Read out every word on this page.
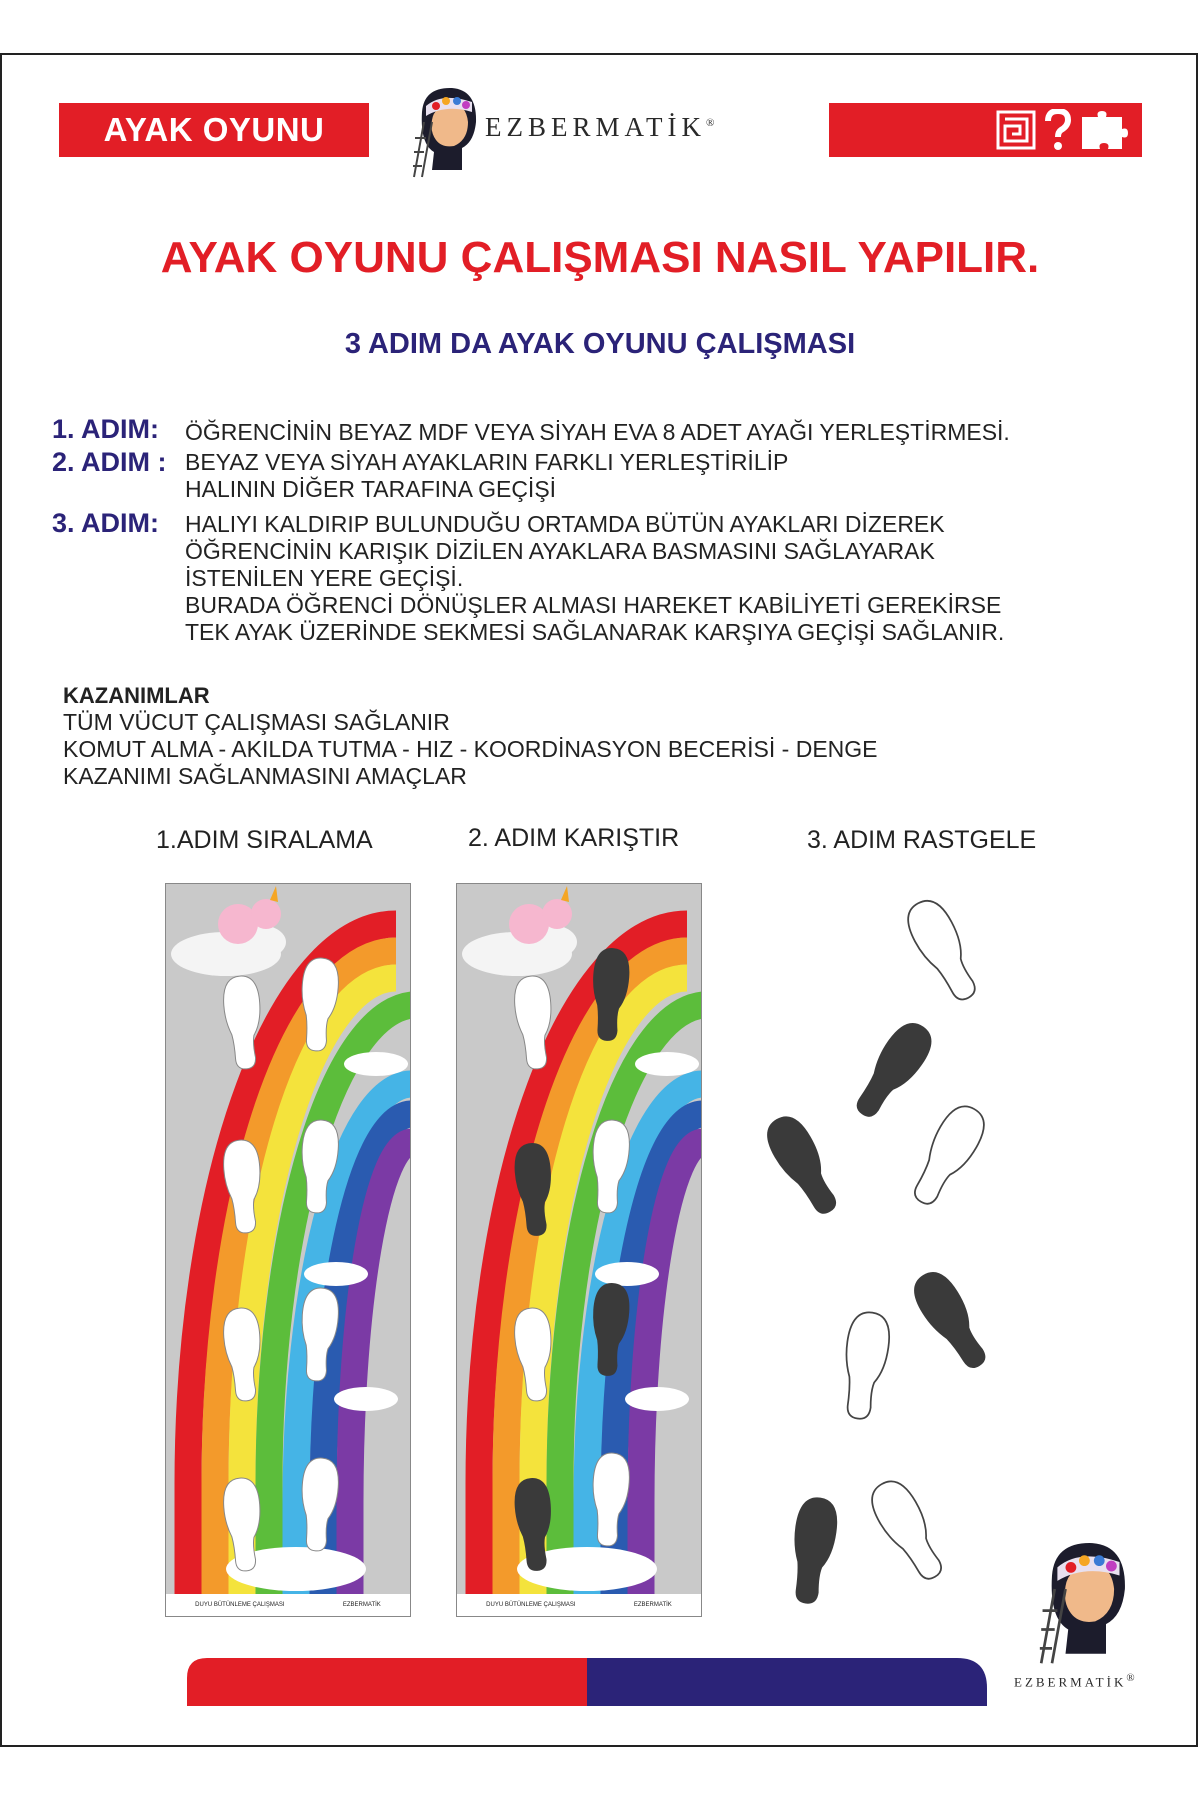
AYAK OYUNU	EZBERMATİK®
AYAK OYUNU ÇALIŞMASI NASIL YAPILIR.
3 ADIM DA AYAK OYUNU ÇALIŞMASI
1. ADIM: ÖĞRENCİNİN BEYAZ MDF VEYA SİYAH EVA 8 ADET AYAĞI YERLEŞTİRMESİ.
2. ADIM : BEYAZ VEYA SİYAH AYAKLARIN FARKLI YERLEŞTİRİLİP
HALININ DİĞER TARAFINA GEÇİŞİ
3. ADIM: HALIYI KALDIRIP BULUNDUĞU ORTAMDA BÜTÜN AYAKLARI DİZEREK
ÖĞRENCİNİN KARIŞIK DİZİLEN AYAKLARA BASMASINI SAĞLAYARAK
İSTENİLEN YERE GEÇİŞİ.
BURADA ÖĞRENCİ DÖNÜŞLER ALMASI HAREKET KABİLİYETİ GEREKİRSE
TEK AYAK ÜZERİNDE SEKMESİ SAĞLANARAK KARŞIYA GEÇİŞİ SAĞLANIR.
KAZANIMLAR
TÜM VÜCUT ÇALIŞMASI SAĞLANIR
KOMUT ALMA - AKILDA TUTMA - HIZ - KOORDİNASYON BECERİSİ - DENGE
KAZANIMI SAĞLANMASINI AMAÇLAR
1.ADIM SIRALAMA	2. ADIM KARIŞTIR	3. ADIM RASTGELE
DUYU BÜTÜNLEME ÇALIŞMASI	EZBERMATİK	DUYU BÜTÜNLEME ÇALIŞMASI	EZBERMATİK
EZBERMATİK®
